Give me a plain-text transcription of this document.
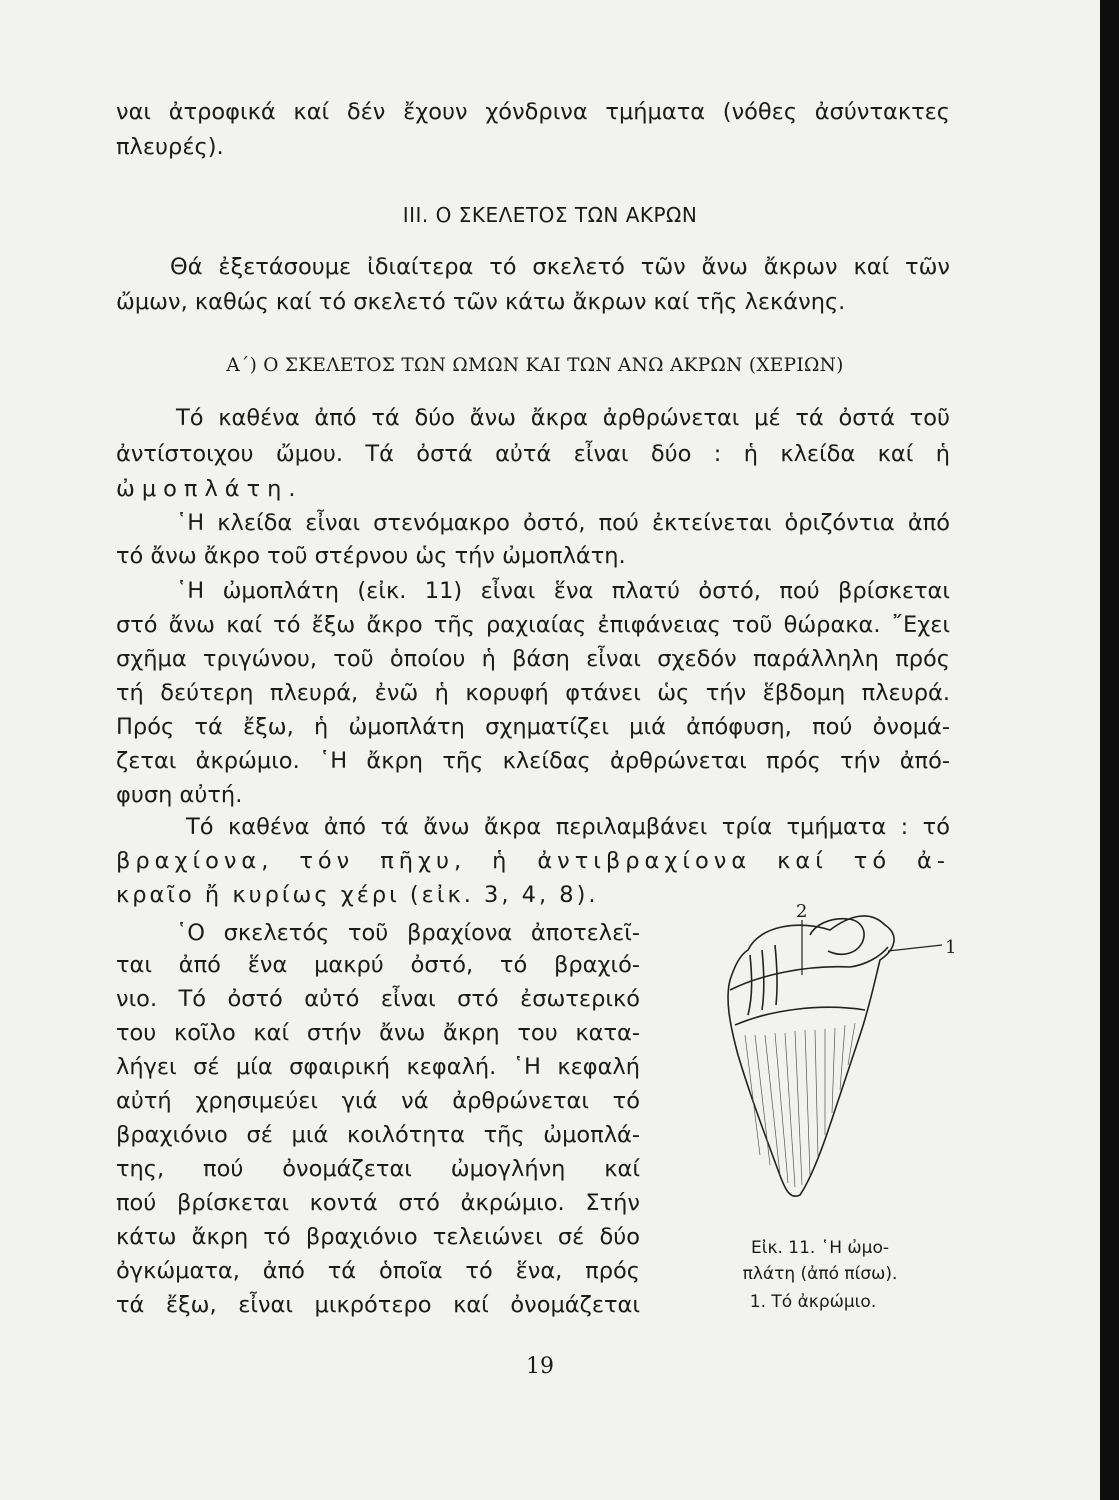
ναι ἀτροφικά καί δέν ἔχουν χόνδρινα τμήματα (νόθες ἀσύντακτες

πλευρές).

III. Ο ΣΚΕΛΕΤΟΣ ΤΩΝ ΑΚΡΩΝ

Θά ἐξετάσουμε ἰδιαίτερα τό σκελετό τῶν ἄνω ἄκρων καί τῶν

ὤμων, καθώς καί τό σκελετό τῶν κάτω ἄκρων καί τῆς λεκάνης.

Α΄) Ο ΣΚΕΛΕΤΟΣ ΤΩΝ ΩΜΩΝ ΚΑΙ ΤΩΝ ΑΝΩ ΑΚΡΩΝ (ΧΕΡΙΩΝ)

Τό καθένα ἀπό τά δύο ἄνω ἄκρα ἀρθρώνεται μέ τά ὀστά τοῦ

ἀντίστοιχου ὤμου. Τά ὀστά αὐτά εἶναι δύο : ἡ κλείδα καί ἡ

ὠμοπλάτη.

῾Η κλείδα εἶναι στενόμακρο ὀστό, πού ἐκτείνεται ὁριζόντια ἀπό

τό ἄνω ἄκρο τοῦ στέρνου ὡς τήν ὠμοπλάτη.

῾Η ὠμοπλάτη (εἰκ. 11) εἶναι ἕνα πλατύ ὀστό, πού βρίσκεται

στό ἄνω καί τό ἔξω ἄκρο τῆς ραχιαίας ἐπιφάνειας τοῦ θώρακα. ῎Εχει

σχῆμα τριγώνου, τοῦ ὁποίου ἡ βάση εἶναι σχεδόν παράλληλη πρός

τή δεύτερη πλευρά, ἐνῶ ἡ κορυφή φτάνει ὡς τήν ἕβδομη πλευρά.

Πρός τά ἔξω, ἡ ὠμοπλάτη σχηματίζει μιά ἀπόφυση, πού ὀνομά-

ζεται ἀκρώμιο. ῾Η ἄκρη τῆς κλείδας ἀρθρώνεται πρός τήν ἀπό-

φυση αὐτή.

Τό καθένα ἀπό τά ἄνω ἄκρα περιλαμβάνει τρία τμήματα : τό

βραχίονα, τόν πῆχυ, ἡ ἀντιβραχίονα καί τό ἀ-

κραῖο ἤ κυρίως χέρι (εἰκ. 3, 4, 8).

῾Ο σκελετός τοῦ βραχίονα ἀποτελεῖ-

ται ἀπό ἕνα μακρύ ὀστό, τό βραχιό-

νιο. Τό ὀστό αὐτό εἶναι στό ἐσωτερικό

του κοῖλο καί στήν ἄνω ἄκρη του κατα-

λήγει σέ μία σφαιρική κεφαλή. ῾Η κεφαλή

αὐτή χρησιμεύει γιά νά ἀρθρώνεται τό

βραχιόνιο σέ μιά κοιλότητα τῆς ὠμοπλά-

της, πού ὀνομάζεται ὠμογλήνη καί

πού βρίσκεται κοντά στό ἀκρώμιο. Στήν

κάτω ἄκρη τό βραχιόνιο τελειώνει σέ δύο

ὀγκώματα, ἀπό τά ὁποῖα τό ἕνα, πρός

τά ἔξω, εἶναι μικρότερο καί ὀνομάζεται

2
1

Εἰκ. 11. ῾Η ὠμο-

πλάτη (ἀπό πίσω).

1. Τό ἀκρώμιο.

19
